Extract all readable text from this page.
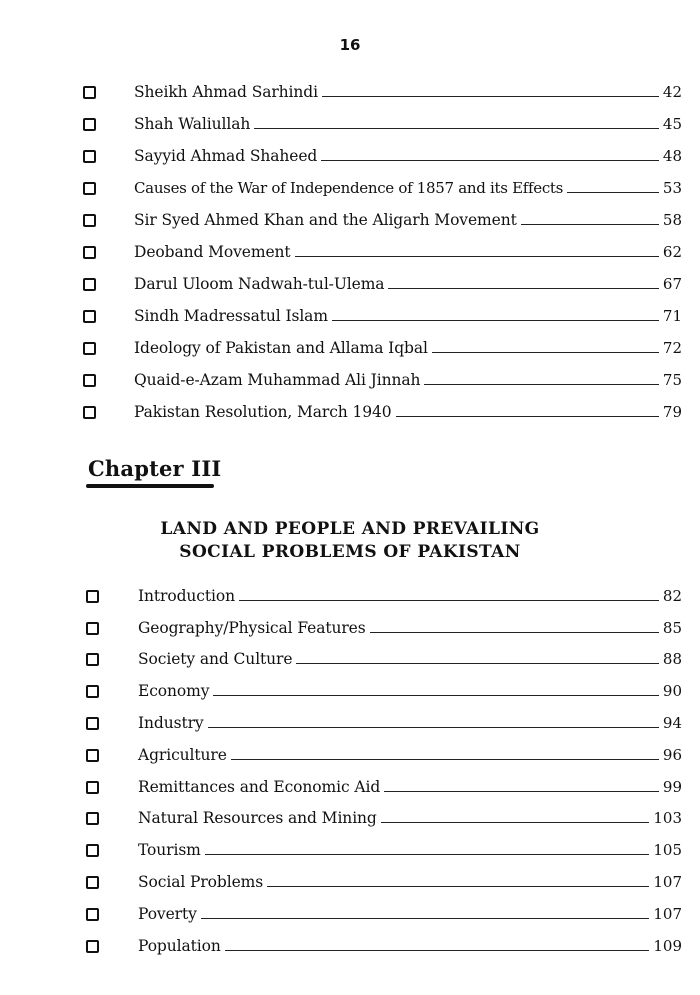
16
Sheikh Ahmad Sarhindi	42
Shah Waliullah	45
Sayyid Ahmad Shaheed	48
Causes of the War of Independence of 1857 and its Effects	53
Sir Syed Ahmed Khan and the Aligarh Movement	58
Deoband Movement	62
Darul Uloom Nadwah-tul-Ulema	67
Sindh Madressatul Islam	71
Ideology of Pakistan and Allama Iqbal	72
Quaid-e-Azam Muhammad Ali Jinnah	75
Pakistan Resolution, March 1940	79
Chapter III
LAND AND PEOPLE AND PREVAILING
SOCIAL PROBLEMS OF PAKISTAN
Introduction	82
Geography/Physical Features	85
Society and Culture	88
Economy	90
Industry	94
Agriculture	96
Remittances and Economic Aid	99
Natural Resources and Mining	103
Tourism	105
Social Problems	107
Poverty	107
Population	109
